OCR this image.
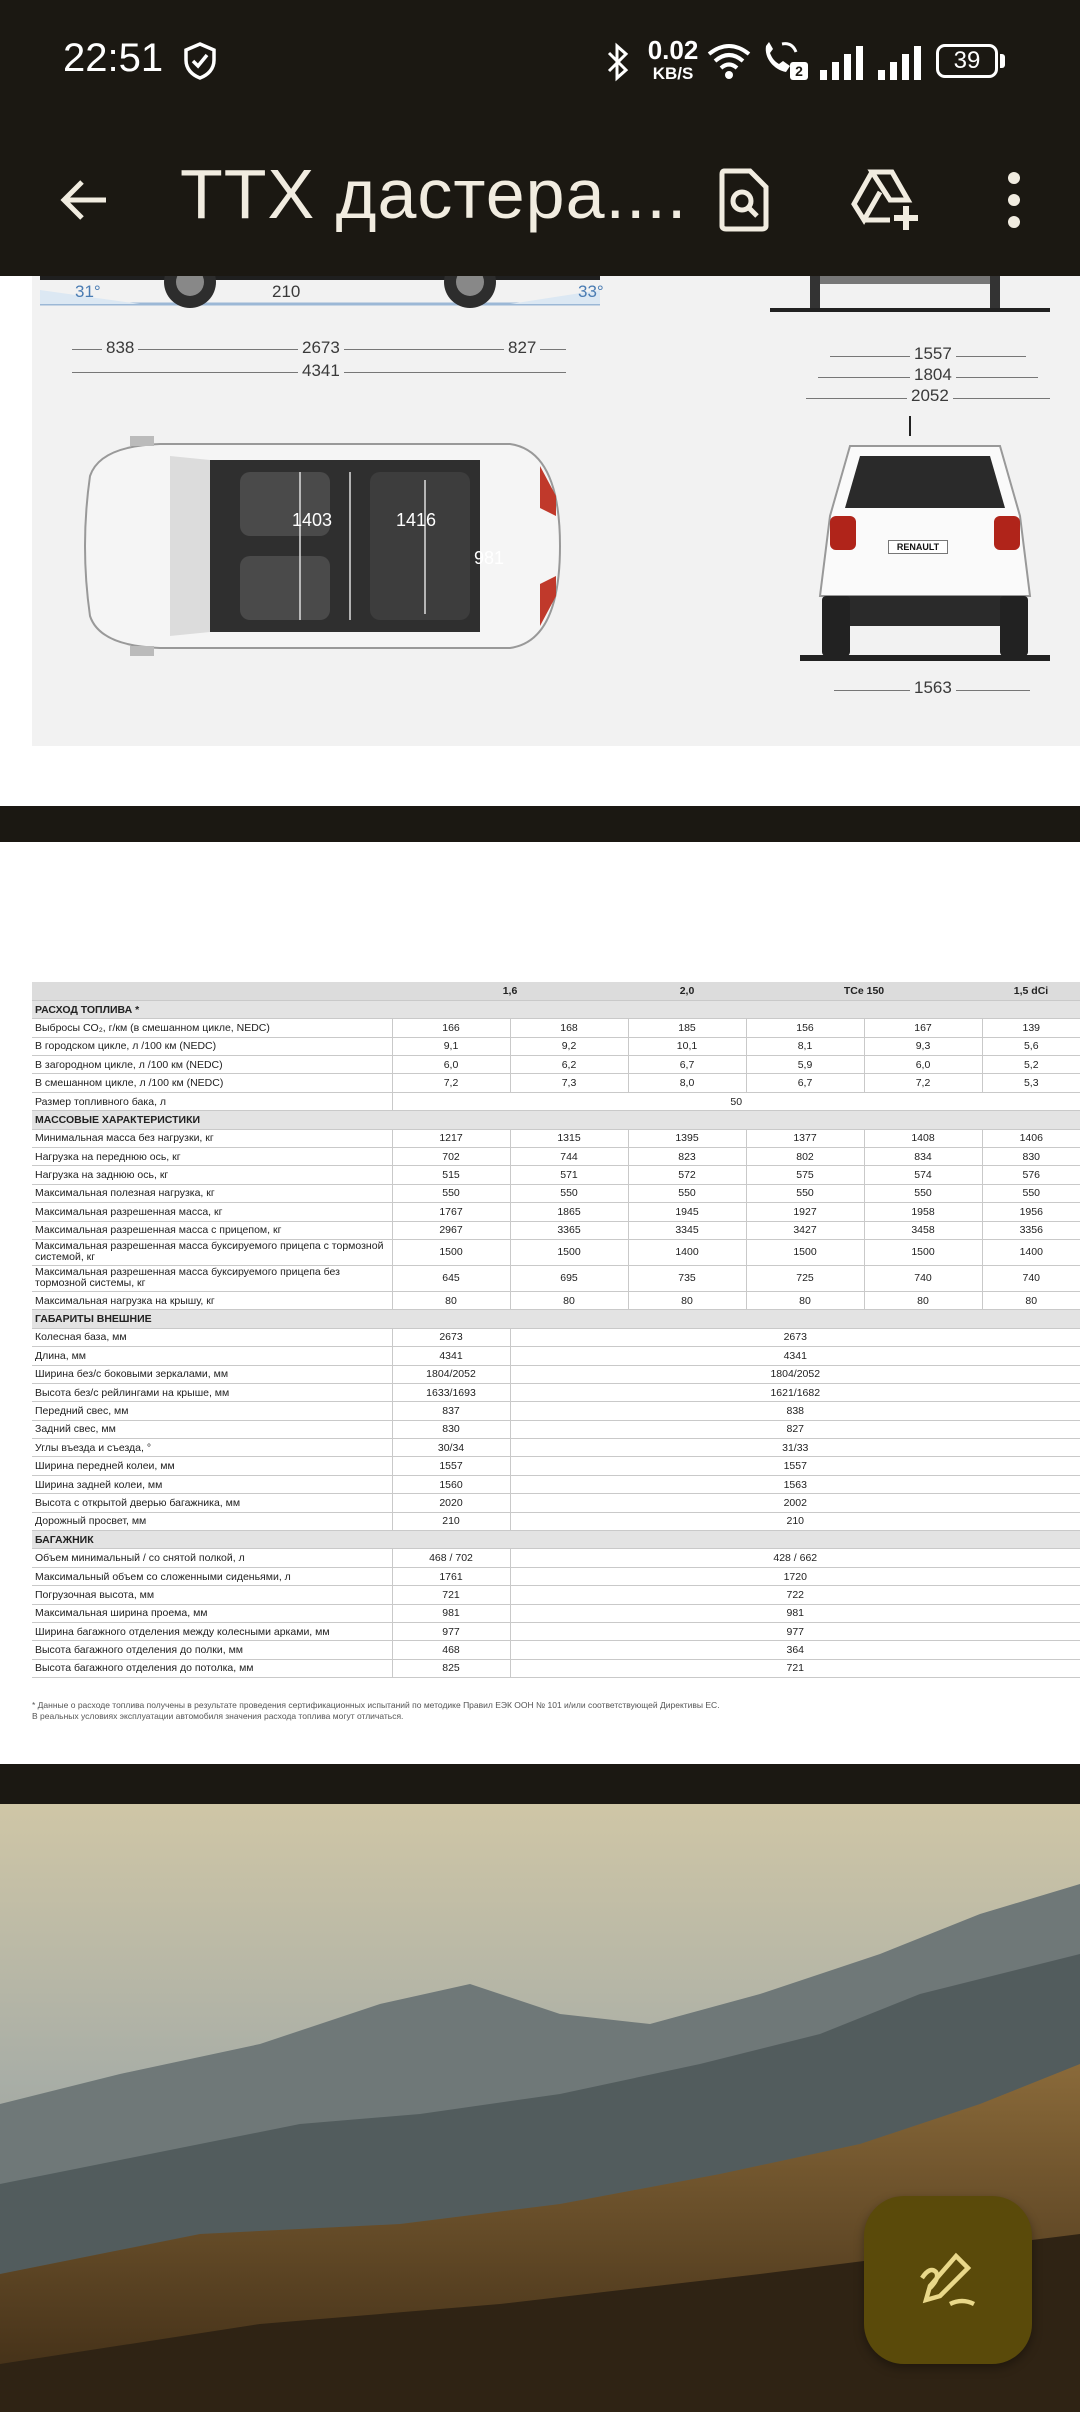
22:51	0.02
KB/S	2	39
ТТХ дастера....
31°	33°
210
838	2673	827
4341
1557
1804
2052
1403	1416
981
RENAULT
1563
	1,6		2,0	TCe 150		1,5 dCi
РАСХОД ТОПЛИВА *						
Выбросы CO₂, г/км (в смешанном цикле, NEDC)	166	168	185	156	167	139
В городском цикле, л /100 км (NEDC)	9,1	9,2	10,1	8,1	9,3	5,6
В загородном цикле, л /100 км (NEDC)	6,0	6,2	6,7	5,9	6,0	5,2
В смешанном цикле, л /100 км (NEDC)	7,2	7,3	8,0	6,7	7,2	5,3
Размер топливного бака, л	50					
МАССОВЫЕ ХАРАКТЕРИСТИКИ						
Минимальная масса без нагрузки, кг	1217	1315	1395	1377	1408	1406
Нагрузка на переднюю ось, кг	702	744	823	802	834	830
Нагрузка на заднюю ось, кг	515	571	572	575	574	576
Максимальная полезная нагрузка, кг	550	550	550	550	550	550
Максимальная разрешенная масса, кг	1767	1865	1945	1927	1958	1956
Максимальная разрешенная масса с прицепом, кг	2967	3365	3345	3427	3458	3356
Максимальная разрешенная масса буксируемого прицепа с тормозной системой, кг	1500	1500	1400	1500	1500	1400
Максимальная разрешенная масса буксируемого прицепа без тормозной системы, кг	645	695	735	725	740	740
Максимальная нагрузка на крышу, кг	80	80	80	80	80	80
ГАБАРИТЫ ВНЕШНИЕ						
Колесная база, мм	2673	2673				
Длина, мм	4341	4341				
Ширина без/с боковыми зеркалами, мм	1804/2052	1804/2052				
Высота без/с рейлингами на крыше, мм	1633/1693	1621/1682				
Передний свес, мм	837	838				
Задний свес, мм	830	827				
Углы въезда и съезда, °	30/34	31/33				
Ширина передней колеи, мм	1557	1557				
Ширина задней колеи, мм	1560	1563				
Высота с открытой дверью багажника, мм	2020	2002				
Дорожный просвет, мм	210	210				
БАГАЖНИК						
Объем минимальный / со снятой полкой, л	468 / 702	428 / 662				
Максимальный объем со сложенными сиденьями, л	1761	1720				
Погрузочная высота, мм	721	722				
Максимальная ширина проема, мм	981	981				
Ширина багажного отделения между колесными арками, мм	977	977				
Высота багажного отделения до полки, мм	468	364				
Высота багажного отделения до потолка, мм	825	721				
* Данные о расходе топлива получены в результате проведения сертификационных испытаний по методике Правил ЕЭК ООН № 101 и/или соответствующей Директивы ЕС.
В реальных условиях эксплуатации автомобиля значения расхода топлива могут отличаться.
